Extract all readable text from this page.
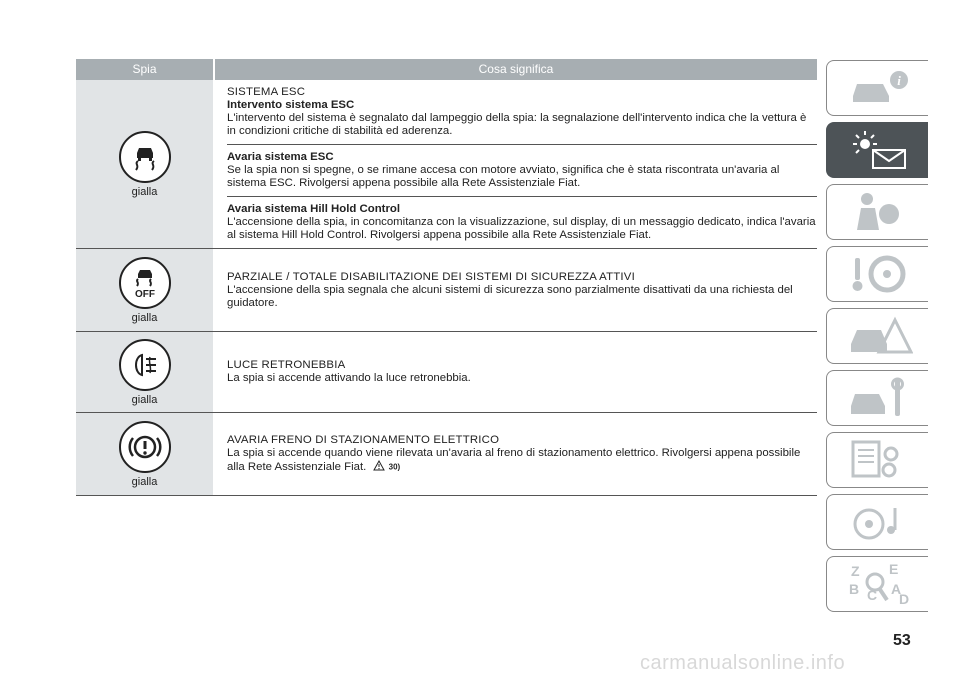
Spia	Cosa significa
gialla

SISTEMA ESC

Intervento sistema ESC

L'intervento del sistema è segnalato dal lampeggio della spia: la segnalazione dell'intervento indica che la vettura è in condizioni critiche di stabilità ed aderenza.

Avaria sistema ESC

Se la spia non si spegne, o se rimane accesa con motore avviato, significa che è stata riscontrata un'avaria al sistema ESC. Rivolgersi appena possibile alla Rete Assistenziale Fiat.

Avaria sistema Hill Hold Control

L'accensione della spia, in concomitanza con la visualizzazione, sul display, di un messaggio dedicato, indica l'avaria al sistema Hill Hold Control. Rivolgersi appena possibile alla Rete Assistenziale Fiat.

OFF
gialla

PARZIALE / TOTALE DISABILITAZIONE DEI SISTEMI DI SICUREZZA ATTIVI

L'accensione della spia segnala che alcuni sistemi di sicurezza sono parzialmente disattivati da una richiesta del guidatore.

gialla

LUCE RETRONEBBIA

La spia si accende attivando la luce retronebbia.

gialla

AVARIA FRENO DI STAZIONAMENTO ELETTRICO

La spia si accende quando viene rilevata un'avaria al freno di stazionamento elettrico. Rivolgersi appena possibile alla Rete Assistenziale Fiat.	30)

i
Z E
B C A
D
53
carmanualsonline.info
